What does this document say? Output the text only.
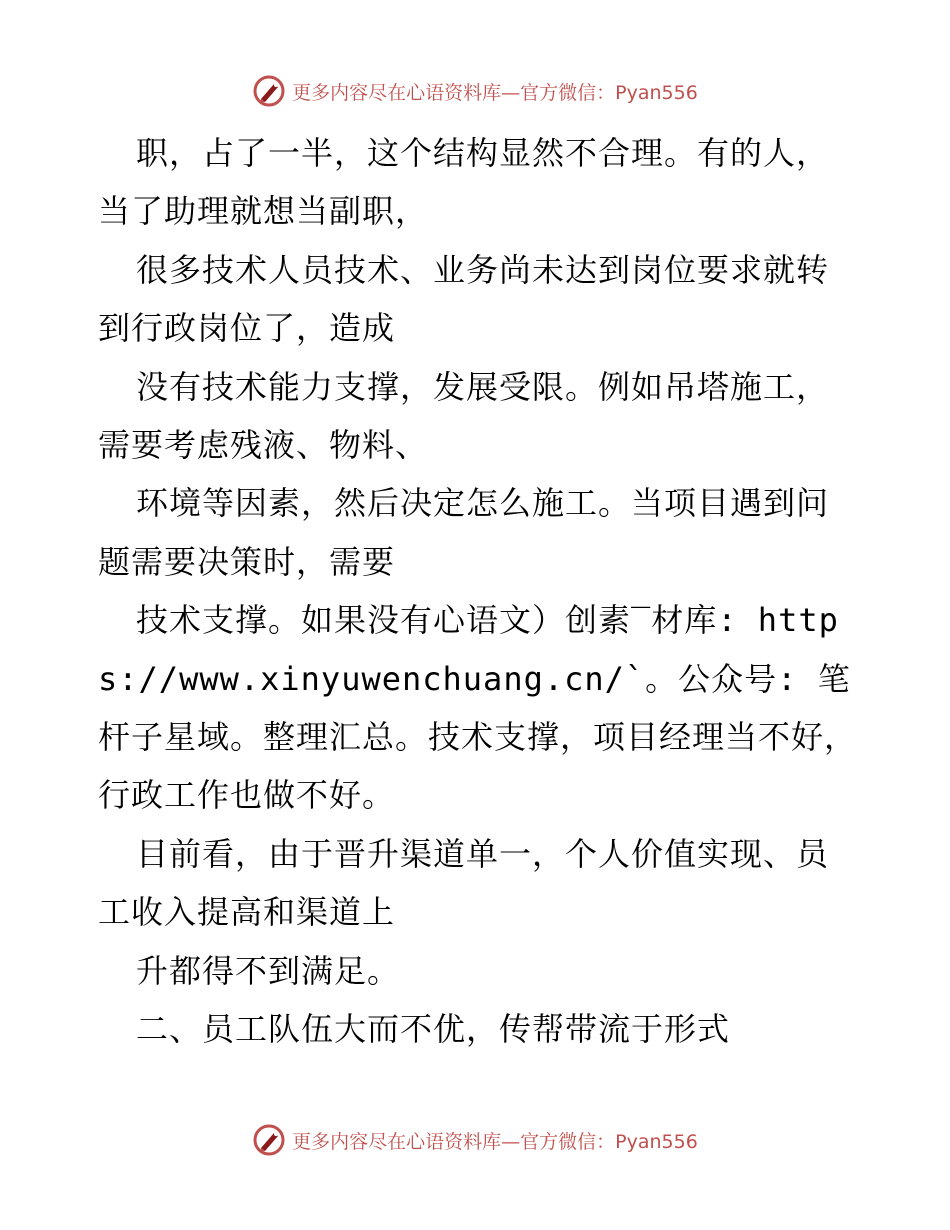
更多内容尽在心语资料库—官方微信：Pyan556

职，占了一半，这个结构显然不合理。有的人，当了助理就想当副职，

很多技术人员技术、业务尚未达到岗位要求就转到行政岗位了，造成

没有技术能力支撑，发展受限。例如吊塔施工，需要考虑残液、物料、

环境等因素，然后决定怎么施工。当项目遇到问题需要决策时，需要

技术支撑。如果没有心语文）创素‾材库: https://www.xinyuwenchuang.cn/`。公众号: 笔杆子星域。整理汇总。技术支撑，项目经理当不好，行政工作也做不好。

目前看，由于晋升渠道单一，个人价值实现、员工收入提高和渠道上

升都得不到满足。

二、员工队伍大而不优，传帮带流于形式

更多内容尽在心语资料库—官方微信：Pyan556
